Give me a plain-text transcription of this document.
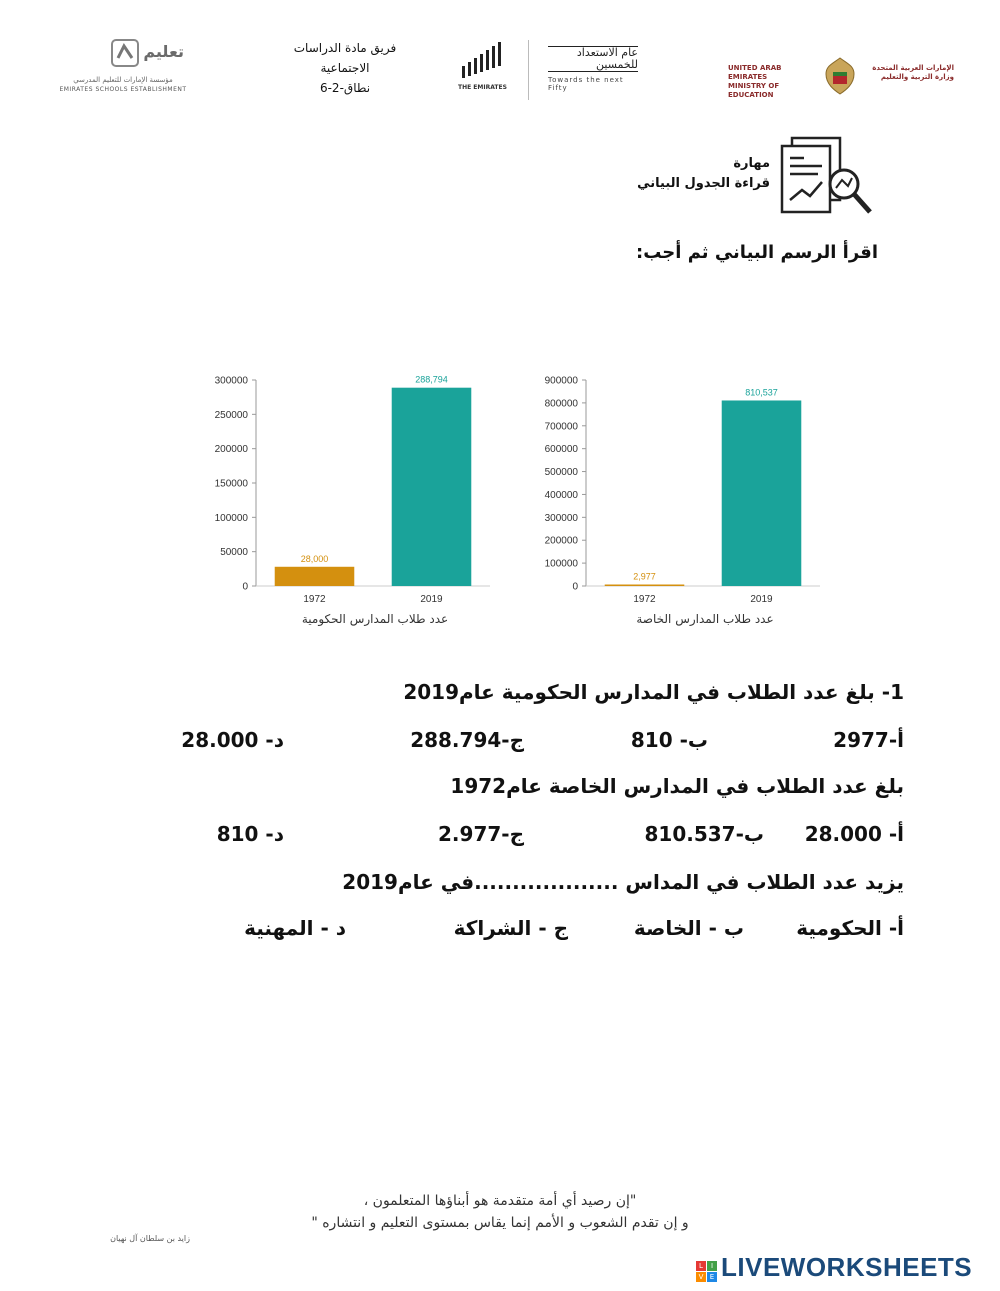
تعليم
مؤسسة الإمارات للتعليم المدرسي
EMIRATES SCHOOLS ESTABLISHMENT
فريق مادة الدراسات
الاجتماعية
نطاق-2-6	THE EMIRATES
عام الاستعداد للخمسين
Towards the next Fifty
UNITED ARAB EMIRATES
MINISTRY OF EDUCATION
الإمارات العربية المتحدة
وزارة التربية والتعليم
مهارة
قراءة الجدول البياني
اقرأ الرسم البياني ثم أجب:
0
50000
100000
150000
200000
250000
300000
28,000
1972
288,794
2019
عدد طلاب المدارس الحكومية
0
100000
200000
300000
400000
500000
600000
700000
800000
900000
2,977
1972
810,537
2019
عدد طلاب المدارس الخاصة
1- بلغ عدد الطلاب في المدارس الحكومية عام2019
أ-2977
ب- 810
ج-288.794
د- 28.000
بلغ عدد الطلاب في المدارس الخاصة عام1972
أ- 28.000
ب-810.537
ج-2.977
د- 810
يزيد عدد الطلاب في المداس ...................في عام2019
أ- الحكومية
ب - الخاصة
ج - الشراكة
د - المهنية
"إن رصيد أي أمة متقدمة هو أبناؤها المتعلمون ،
و إن تقدم الشعوب و الأمم إنما يقاس بمستوى التعليم و انتشاره "
زايد بن سلطان آل نهيان
L	I
V E LIVEWORKSHEETS
